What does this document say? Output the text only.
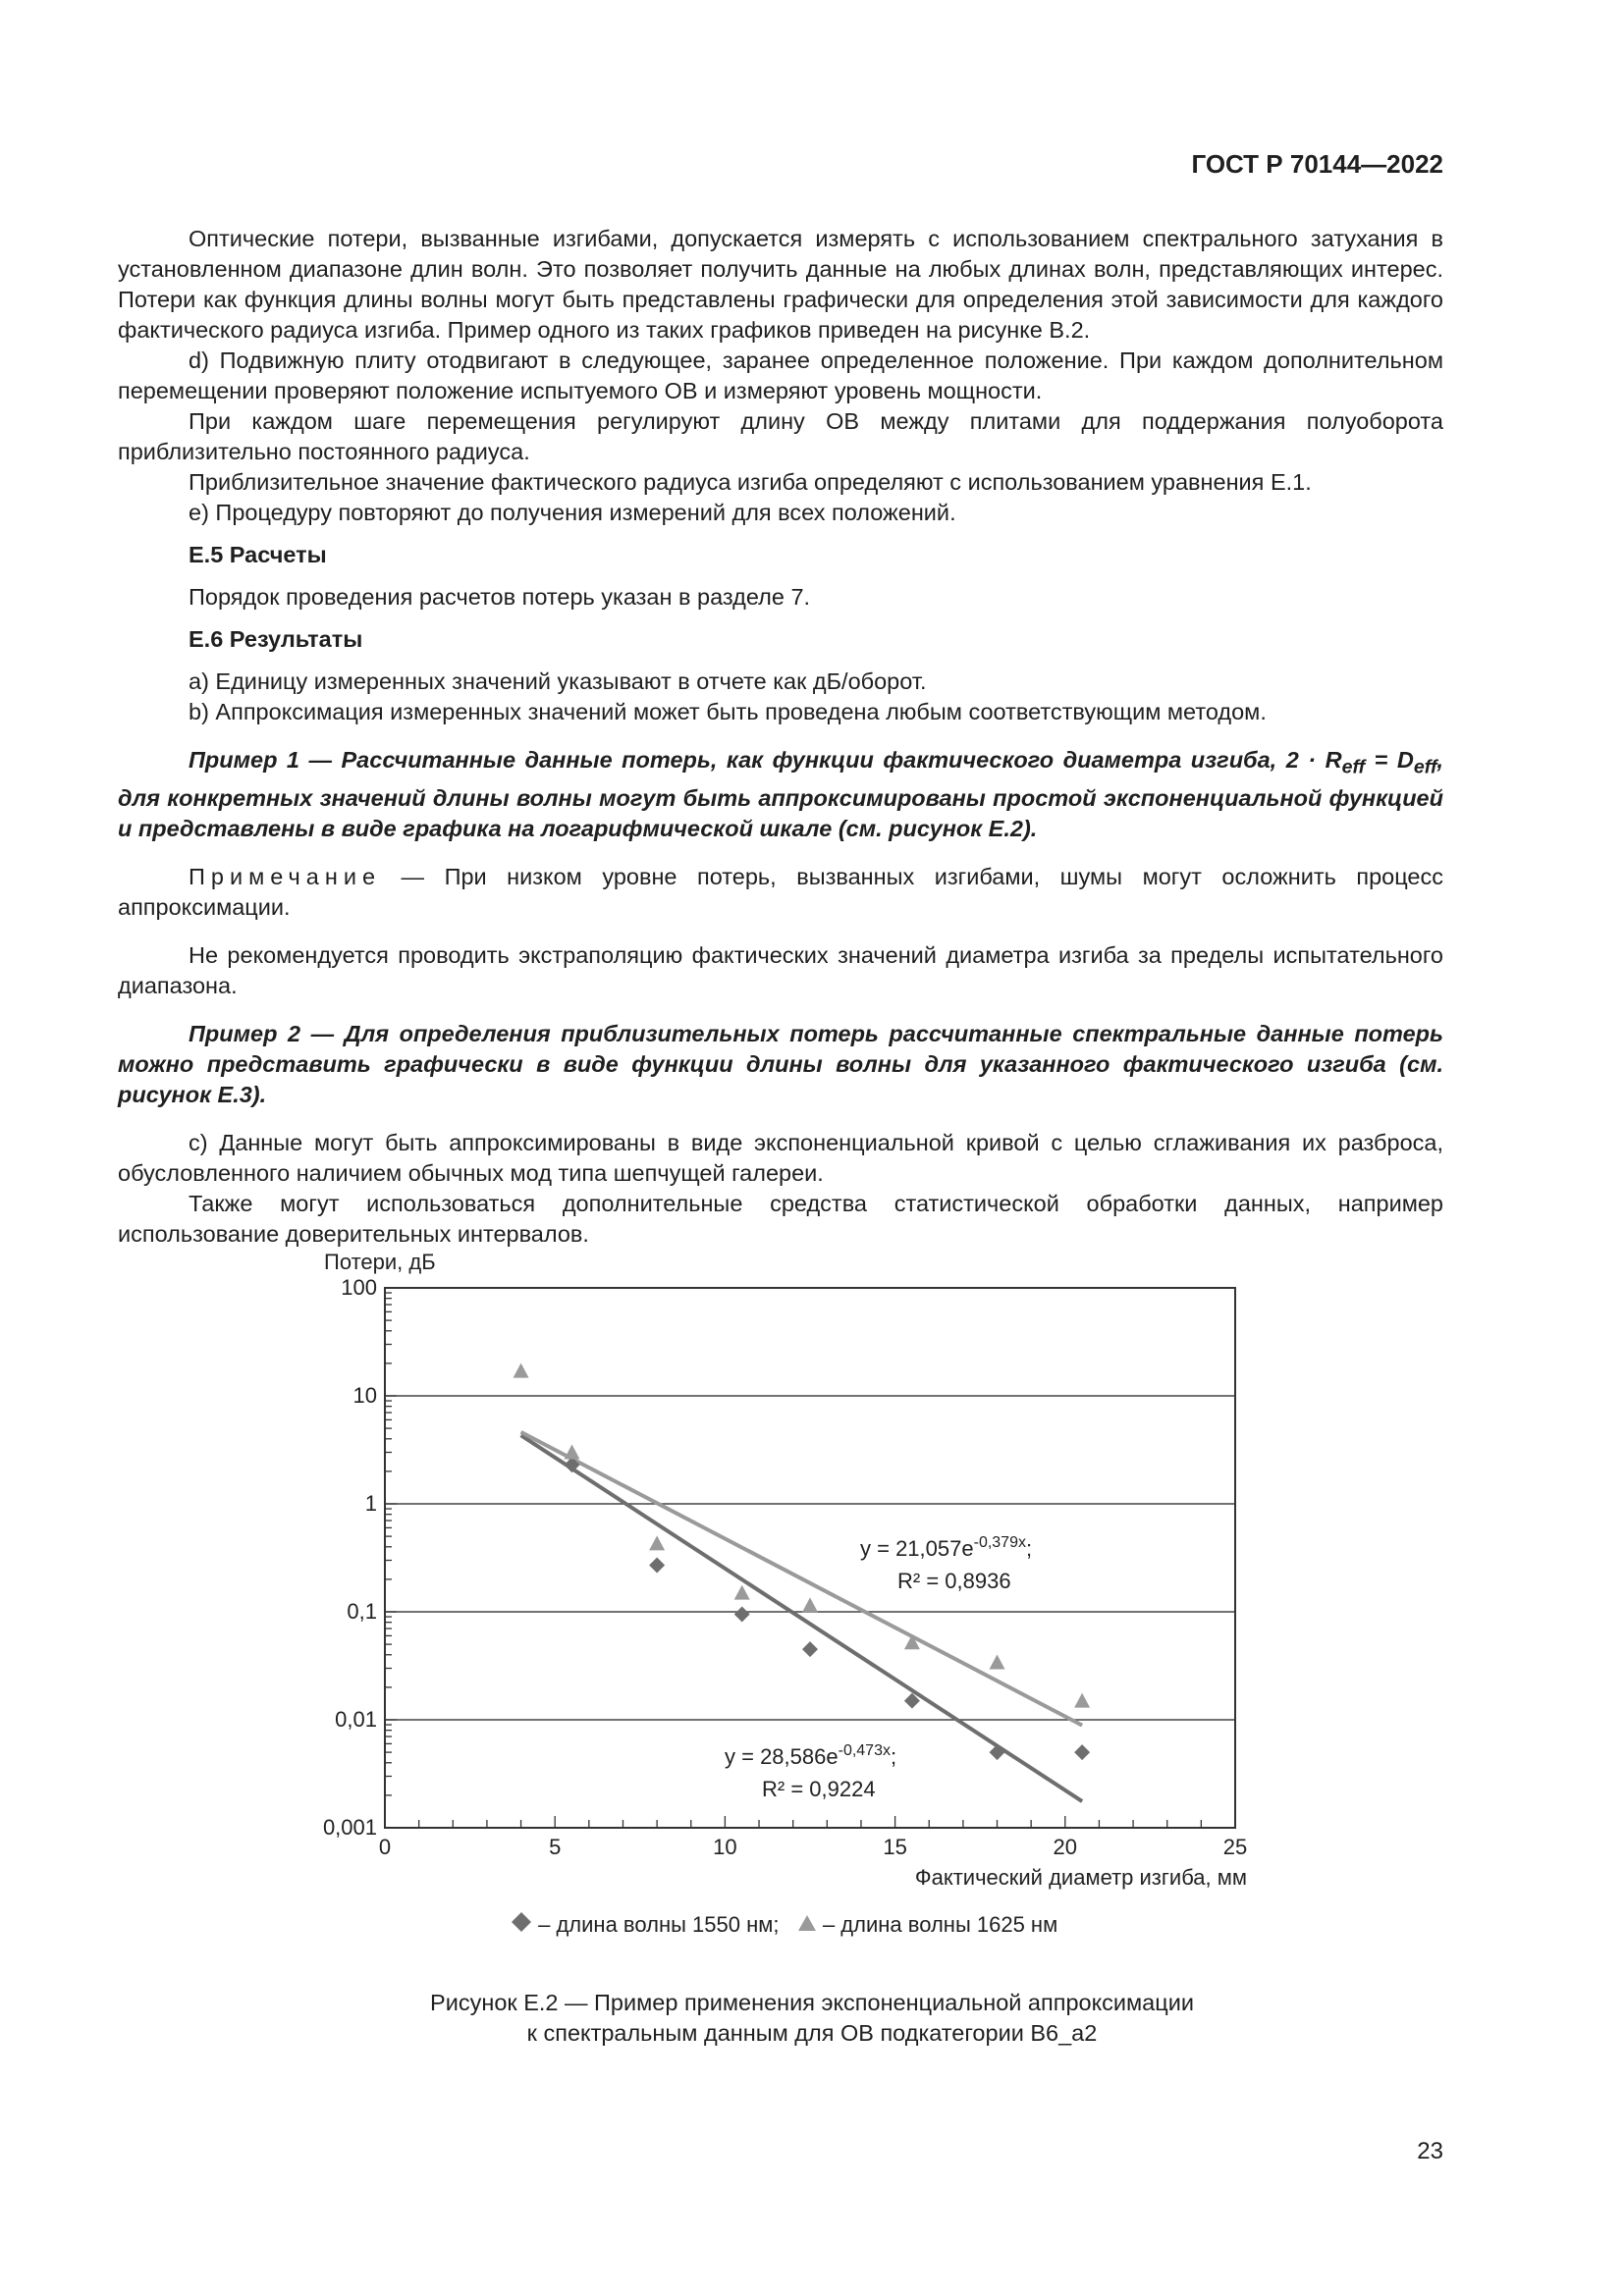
ГОСТ Р 70144—2022

Оптические потери, вызванные изгибами, допускается измерять с использованием спектрального затухания в установленном диапазоне длин волн. Это позволяет получить данные на любых длинах волн, представляющих интерес. Потери как функция длины волны могут быть представлены графически для определения этой зависимости для каждого фактического радиуса изгиба. Пример одного из таких графиков приведен на рисунке В.2.

d) Подвижную плиту отодвигают в следующее, заранее определенное положение. При каждом дополнительном перемещении проверяют положение испытуемого ОВ и измеряют уровень мощности.

При каждом шаге перемещения регулируют длину ОВ между плитами для поддержания полуоборота приблизительно постоянного радиуса.

Приблизительное значение фактического радиуса изгиба определяют с использованием уравнения Е.1.

e) Процедуру повторяют до получения измерений для всех положений.

Е.5 Расчеты

Порядок проведения расчетов потерь указан в разделе 7.

Е.6 Результаты

a) Единицу измеренных значений указывают в отчете как дБ/оборот.

b) Аппроксимация измеренных значений может быть проведена любым соответствующим методом.

Пример 1 — Рассчитанные данные потерь, как функции фактического диаметра изгиба, $2 \cdot R_{eff} = D_{eff}$, для конкретных значений длины волны могут быть аппроксимированы простой экспоненциальной функцией и представлены в виде графика на логарифмической шкале (см. рисунок Е.2).

Примечание — При низком уровне потерь, вызванных изгибами, шумы могут осложнить процесс аппроксимации.

Не рекомендуется проводить экстраполяцию фактических значений диаметра изгиба за пределы испытательного диапазона.

Пример 2 — Для определения приблизительных потерь рассчитанные спектральные данные потерь можно представить графически в виде функции длины волны для указанного фактического изгиба (см. рисунок Е.3).

c) Данные могут быть аппроксимированы в виде экспоненциальной кривой с целью сглаживания их разброса, обусловленного наличием обычных мод типа шепчущей галереи.

Также могут использоваться дополнительные средства статистической обработки данных, например использование доверительных интервалов.

0,001
0,01
0,1
1
10
100
0	5	10	15	20	25
Потери, дБ
Фактический диаметр изгиба, мм
$y = 21,057e^{-0,379x}$;
R² = 0,8936
$y = 28,586e^{-0,473x}$;
R² = 0,9224
– длина волны 1550 нм; – длина волны 1625 нм
Рисунок Е.2 — Пример применения экспоненциальной аппроксимации
к спектральным данным для ОВ подкатегории В6_а2
23
